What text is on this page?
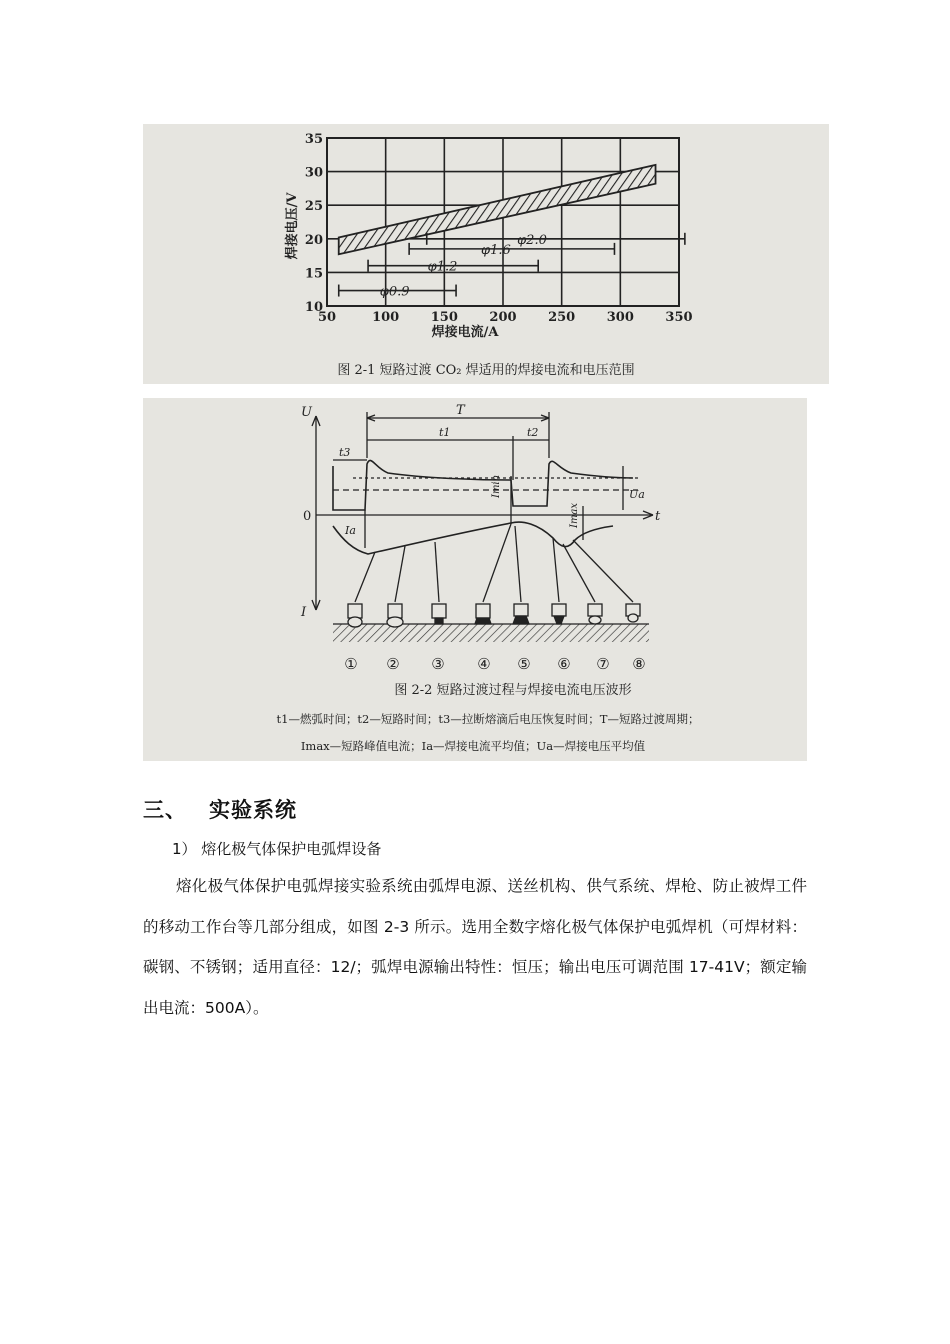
φ0.9
φ1.2
φ1.6
φ2.0
50	100 150 200 250 300 350
10
15
20
25
30
35
焊接电压/V
焊接电流/A
图 2-1 短路过渡 CO₂ 焊适用的焊接电流和电压范围
U
I
0	t
T
t1	t2
t3
Ia
Ua
Imin
Imax
① ② ③ ④ ⑤ ⑥ ⑦ ⑧
图 2-2 短路过渡过程与焊接电流电压波形
t1—燃弧时间；t2—短路时间；t3—拉断熔滴后电压恢复时间；T—短路过渡周期；
Imax—短路峰值电流；Ia—焊接电流平均值；Ua—焊接电压平均值
三、 实验系统
1） 熔化极气体保护电弧焊设备

熔化极气体保护电弧焊接实验系统由弧焊电源、送丝机构、供气系统、焊枪、防止被焊工件的移动工作台等几部分组成，如图 2-3 所示。选用全数字熔化极气体保护电弧焊机（可焊材料：碳钢、不锈钢；适用直径：12/；弧焊电源输出特性：恒压；输出电压可调范围 17-41V；额定输出电流：500A）。
